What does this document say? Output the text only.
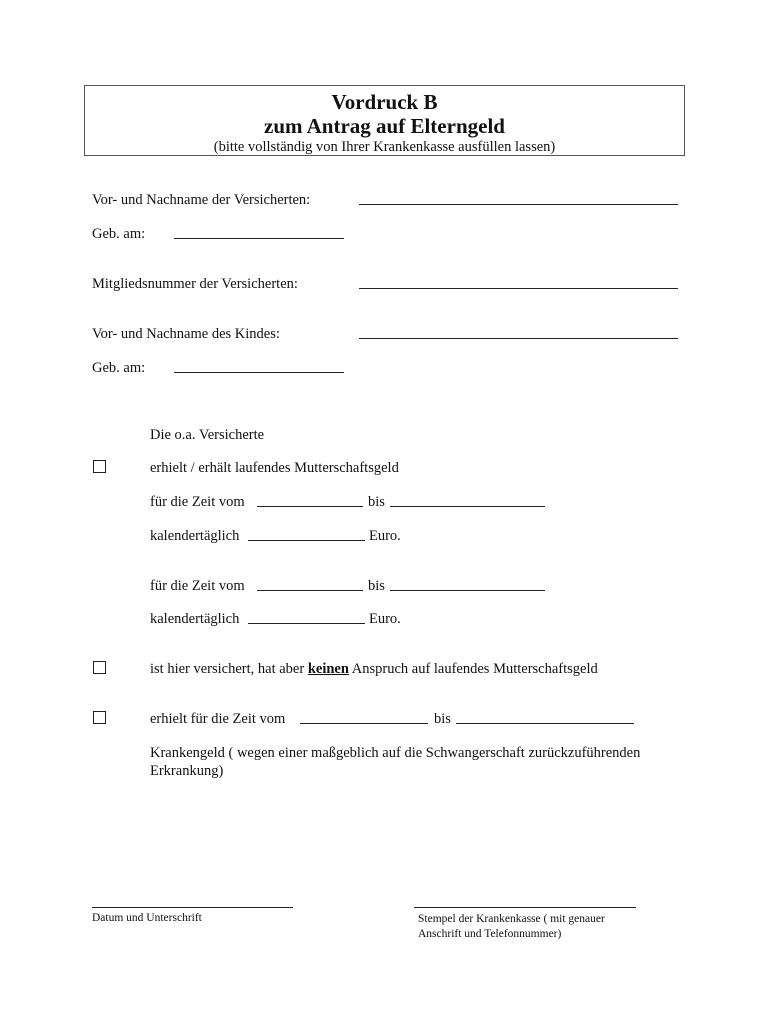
Vordruck B
zum Antrag auf Elterngeld
(bitte vollständig von Ihrer Krankenkasse ausfüllen lassen)
Vor- und Nachname der Versicherten:
Geb. am:
Mitgliedsnummer der Versicherten:
Vor- und Nachname des Kindes:
Geb. am:
Die o.a. Versicherte
erhielt / erhält laufendes Mutterschaftsgeld
für die Zeit vom	bis
kalendertäglich	Euro.
für die Zeit vom	bis
kalendertäglich	Euro.
ist hier versichert, hat aber keinen Anspruch auf laufendes Mutterschaftsgeld
erhielt für die Zeit vom	bis
Krankengeld ( wegen einer maßgeblich auf die Schwangerschaft zurückzuführenden
Erkrankung)
Datum und Unterschrift	Stempel der Krankenkasse ( mit genauer
Anschrift und Telefonnummer)
